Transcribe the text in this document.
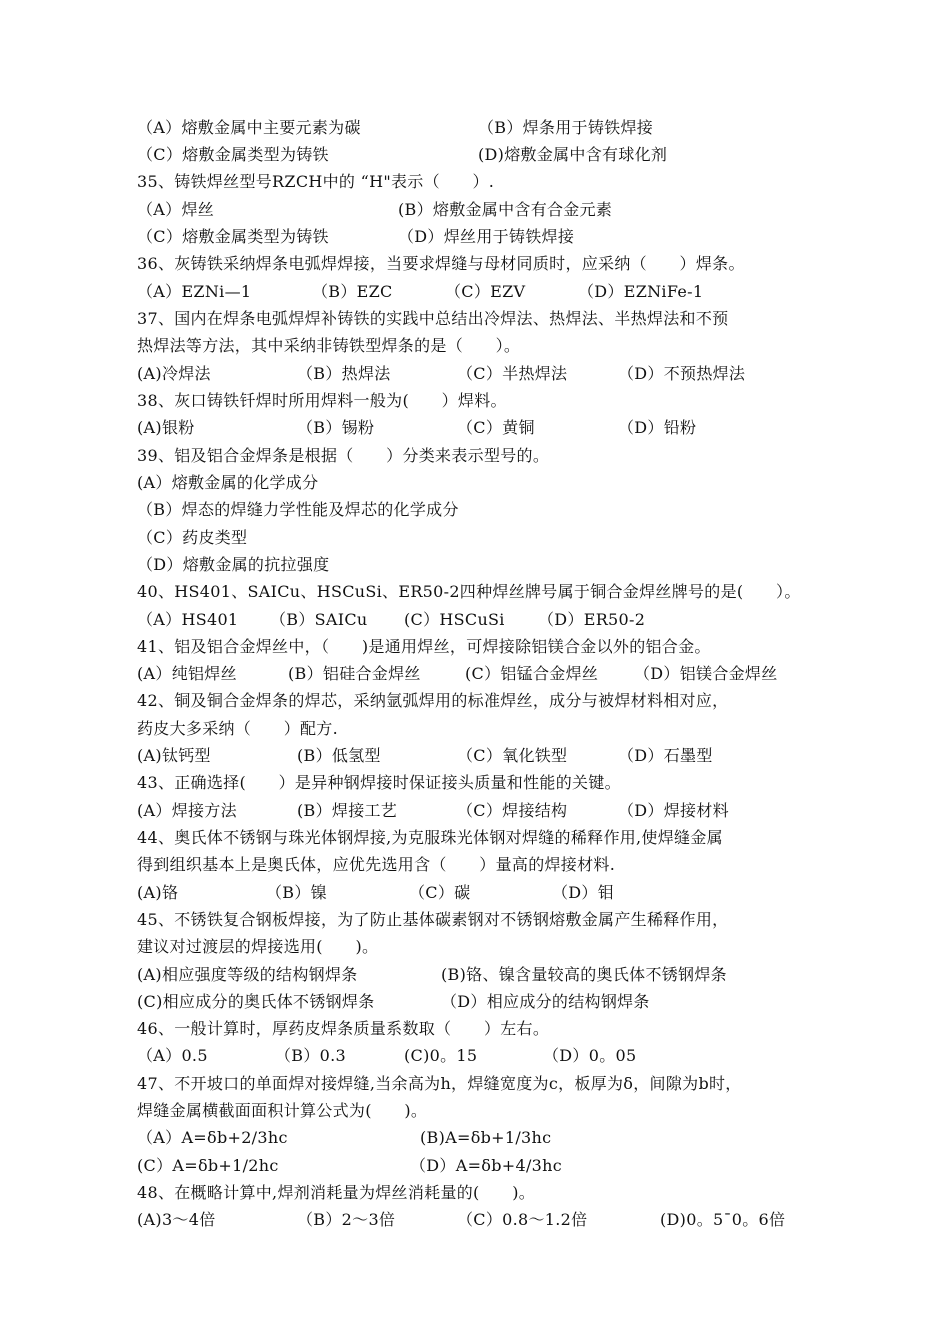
（A）熔敷金属中主要元素为碳	（B）焊条用于铸铁焊接
（C）熔敷金属类型为铸铁	(D)熔敷金属中含有球化剂
35、铸铁焊丝型号RZCH中的 “H"表示（　　）.
（A）焊丝	(B）熔敷金属中含有合金元素
（C）熔敷金属类型为铸铁	（D）焊丝用于铸铁焊接
36、灰铸铁采纳焊条电弧焊焊接，当要求焊缝与母材同质时，应采纳（　　）焊条。
（A）EZNi—1	（B）EZC	（C）EZV	（D）EZNiFe-1
37、国内在焊条电弧焊焊补铸铁的实践中总结出冷焊法、热焊法、半热焊法和不预
热焊法等方法，其中采纳非铸铁型焊条的是（　　）。
(A)冷焊法	（B）热焊法	（C）半热焊法	（D）不预热焊法
38、灰口铸铁钎焊时所用焊料一般为(　　）焊料。
(A)银粉	（B）锡粉	（C）黄铜	（D）铅粉
39、铝及铝合金焊条是根据（　　）分类来表示型号的。
(A）熔敷金属的化学成分
（B）焊态的焊缝力学性能及焊芯的化学成分
（C）药皮类型
（D）熔敷金属的抗拉强度
40、HS401、SAICu、HSCuSi、ER50-2四种焊丝牌号属于铜合金焊丝牌号的是(　　）。
（A）HS401 （B）SAICu (C）HSCuSi （D）ER50-2
41、铝及铝合金焊丝中，（　　)是通用焊丝，可焊接除铝镁合金以外的铝合金。
(A）纯铝焊丝	(B）铝硅合金焊丝	(C）铝锰合金焊丝 （D）铝镁合金焊丝
42、铜及铜合金焊条的焊芯，采纳氩弧焊用的标准焊丝，成分与被焊材料相对应，
药皮大多采纳（　　）配方.
(A)钛钙型	(B）低氢型	（C）氧化铁型	（D）石墨型
43、正确选择(　　）是异种钢焊接时保证接头质量和性能的关键。
(A）焊接方法	(B）焊接工艺	（C）焊接结构	（D）焊接材料
44、奥氏体不锈钢与珠光体钢焊接,为克服珠光体钢对焊缝的稀释作用,使焊缝金属
得到组织基本上是奥氏体，应优先选用含（　　）量高的焊接材料.
(A)铬	（B）镍	（C）碳	（D）钼
45、不锈铁复合钢板焊接，为了防止基体碳素钢对不锈钢熔敷金属产生稀释作用，
建议对过渡层的焊接选用(　　)。
(A)相应强度等级的结构钢焊条	(B)铬、镍含量较高的奥氏体不锈钢焊条
(C)相应成分的奥氏体不锈钢焊条	（D）相应成分的结构钢焊条
46、一般计算时，厚药皮焊条质量系数取（　　）左右。
（A）0.5	（B）0.3	(C)0。15	（D）0。05
47、不开坡口的单面焊对接焊缝,当余高为h，焊缝宽度为c，板厚为δ，间隙为b时，
焊缝金属横截面面积计算公式为(　　)。
（A）A=δb+2/3hc	(B)A=δb+1/3hc
(C）A=δb+1/2hc	（D）A=δb+4/3hc
48、在概略计算中,焊剂消耗量为焊丝消耗量的(　　)。
(A)3～4倍	（B）2～3倍	（C）0.8～1.2倍	(D)0。5¯0。6倍
